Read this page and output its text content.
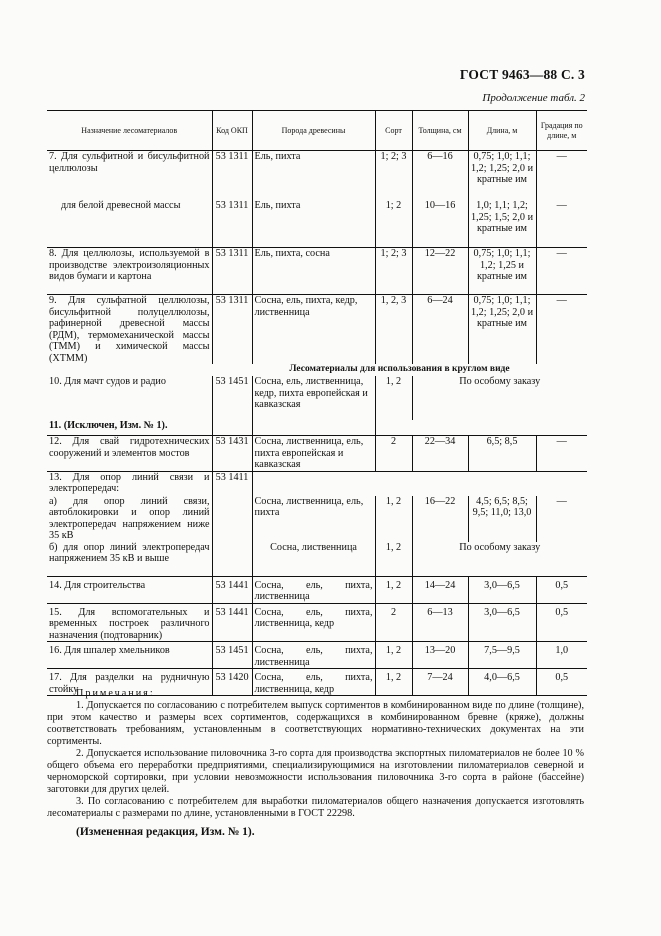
ГОСТ 9463—88 С. 3
Продолжение табл. 2
Назначение лесоматериалов	Код ОКП	Порода древесины	Сорт	Толщина, см	Длина, м	Градация по длине, м
7. Для сульфитной и бисульфитной целлюлозы	53 1311	Ель, пихта	1; 2; 3	6—16	0,75; 1,0; 1,1; 1,2; 1,25; 2,0 и кратные им	—
для белой древесной массы	53 1311	Ель, пихта	1; 2	10—16	1,0; 1,1; 1,2; 1,25; 1,5; 2,0 и кратные им	—
8. Для целлюлозы, используемой в производстве электроизоляционных видов бумаги и картона	53 1311	Ель, пихта, сосна	1; 2; 3	12—22	0,75; 1,0; 1,1; 1,2; 1,25 и кратные им	—
9. Для сульфатной целлюлозы, бисульфитной полуцеллюлозы, рафинерной древесной массы (РДМ), термомеханической массы (ТММ) и химической массы (ХТММ)	53 1311	Сосна, ель, пихта, кедр, лиственница	1, 2, 3	6—24	0,75; 1,0; 1,1; 1,2; 1,25; 2,0 и кратные им	—
	Лесоматериалы для использования в круглом виде					
10. Для мачт судов и радио	53 1451	Сосна, ель, лиственница, кедр, пихта европейская и кавказская	1, 2	По особому заказу		
11. (Исключен, Изм. № 1).						
12. Для свай гидротехнических сооружений и элементов мостов	53 1431	Сосна, лиственница, ель, пихта европейская и кавказская	2	22—34	6,5; 8,5	—
13. Для опор линий связи и электропередач:	53 1411					
а) для опор линий связи, автоблокировки и опор линий электропередач напряжением ниже 35 кВ		Сосна, лиственница, ель, пихта	1, 2	16—22	4,5; 6,5; 8,5; 9,5; 11,0; 13,0	—
б) для опор линий электропередач напряжением 35 кВ и выше		Сосна, лиственница	1, 2	По особому заказу		
14. Для строительства	53 1441	Сосна, ель, пихта, лиственница	1, 2	14—24	3,0—6,5	0,5
15. Для вспомогательных и временных построек различного назначения (подтоварник)	53 1441	Сосна, ель, пихта, лиственница, кедр	2	6—13	3,0—6,5	0,5
16. Для шпалер хмельников	53 1451	Сосна, ель, пихта, лиственница	1, 2	13—20	7,5—9,5	1,0
17. Для разделки на рудничную стойку	53 1420	Сосна, ель, пихта, лиственница, кедр	1, 2	7—24	4,0—6,5	0,5

Примечания:

1. Допускается по согласованию с потребителем выпуск сортиментов в комбинированном виде по длине (толщине), при этом качество и размеры всех сортиментов, содержащихся в комбинированном бревне (кряже), должны соответствовать требованиям, установленным в соответствующих нормативно-технических документах на эти сортименты.

2. Допускается использование пиловочника 3-го сорта для производства экспортных пиломатериалов не более 10 % общего объема его переработки предприятиями, специализирующимися на изготовлении пиломатериалов северной и черноморской сортировки, при условии невозможности использования пиловочника 3-го сорта в районе (бассейне) заготовки для других целей.

3. По согласованию с потребителем для выработки пиломатериалов общего назначения допускается изготовлять лесоматериалы с размерами по длине, установленными в ГОСТ 22298.

(Измененная редакция, Изм. № 1).
